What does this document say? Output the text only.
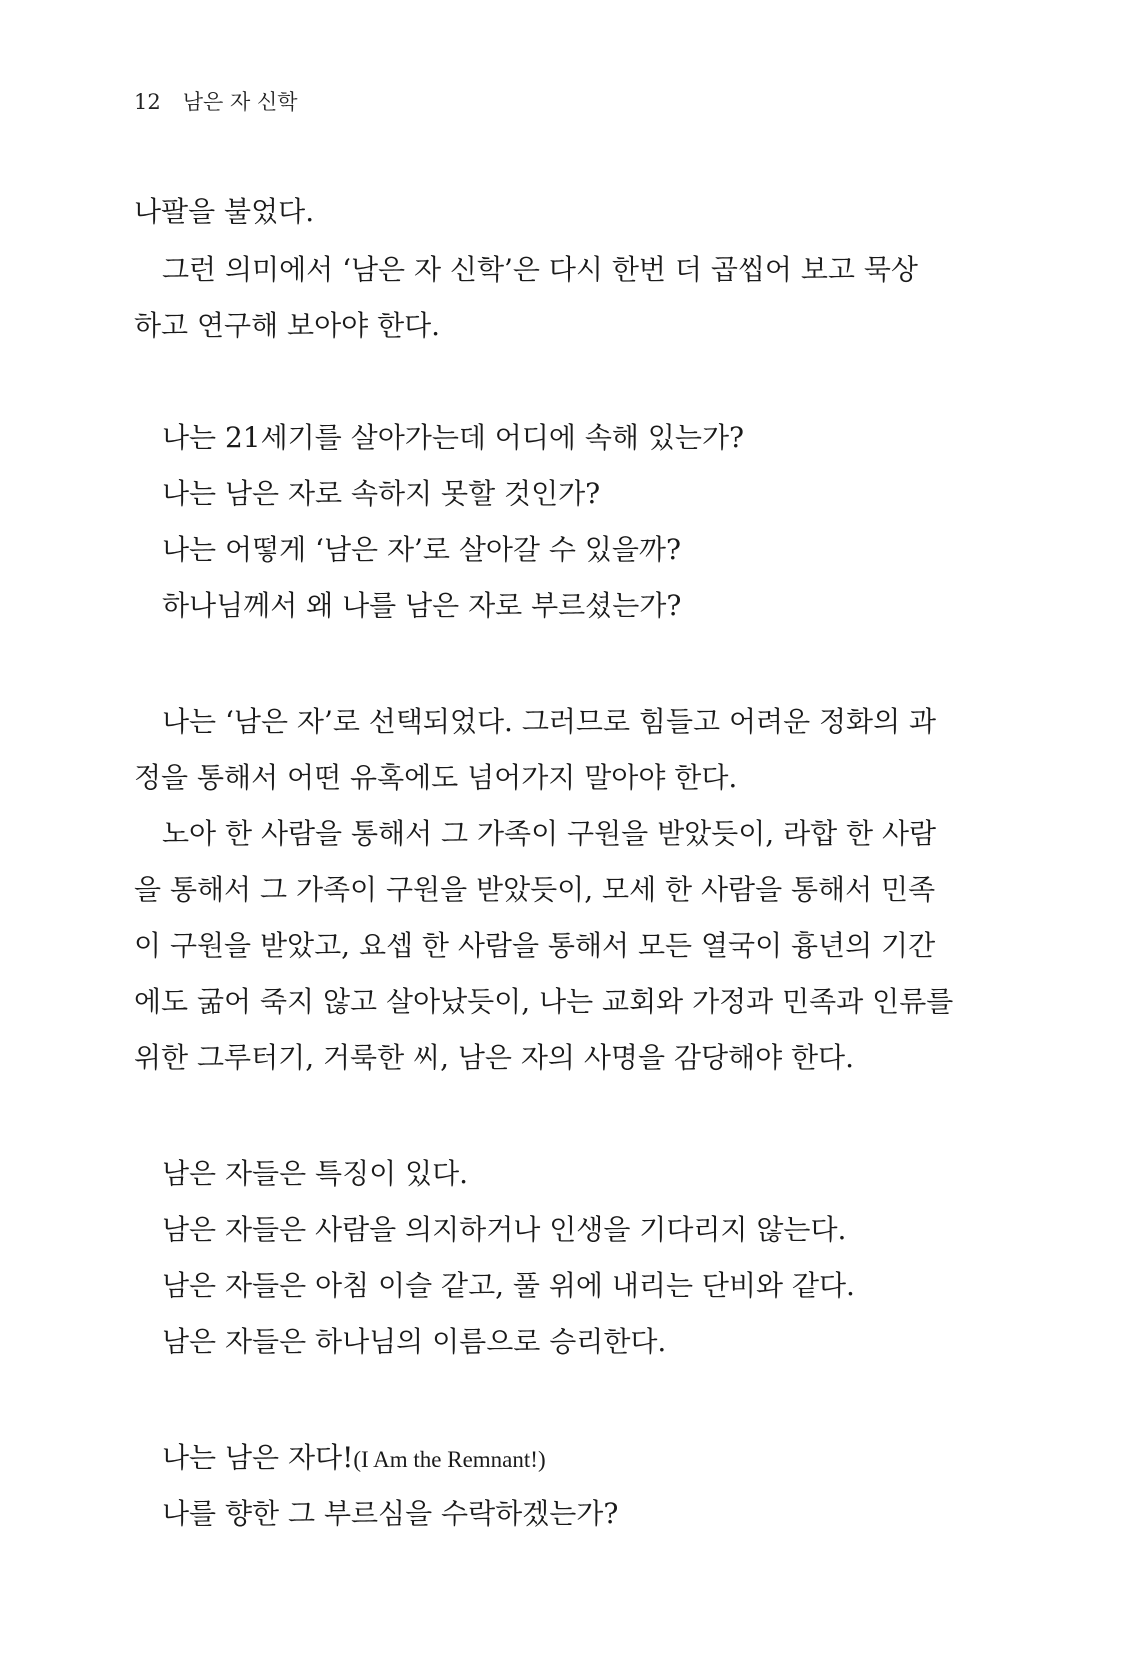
12 남은 자 신학
나팔을 불었다.
그런 의미에서 ‘남은 자 신학’은 다시 한번 더 곱씹어 보고 묵상
하고 연구해 보아야 한다.
나는 21세기를 살아가는데 어디에 속해 있는가?
나는 남은 자로 속하지 못할 것인가?
나는 어떻게 ‘남은 자’로 살아갈 수 있을까?
하나님께서 왜 나를 남은 자로 부르셨는가?
나는 ‘남은 자’로 선택되었다. 그러므로 힘들고 어려운 정화의 과
정을 통해서 어떤 유혹에도 넘어가지 말아야 한다.
노아 한 사람을 통해서 그 가족이 구원을 받았듯이, 라합 한 사람
을 통해서 그 가족이 구원을 받았듯이, 모세 한 사람을 통해서 민족
이 구원을 받았고, 요셉 한 사람을 통해서 모든 열국이 흉년의 기간
에도 굶어 죽지 않고 살아났듯이, 나는 교회와 가정과 민족과 인류를
위한 그루터기, 거룩한 씨, 남은 자의 사명을 감당해야 한다.
남은 자들은 특징이 있다.
남은 자들은 사람을 의지하거나 인생을 기다리지 않는다.
남은 자들은 아침 이슬 같고, 풀 위에 내리는 단비와 같다.
남은 자들은 하나님의 이름으로 승리한다.
나는 남은 자다!(I Am the Remnant!)
나를 향한 그 부르심을 수락하겠는가?
